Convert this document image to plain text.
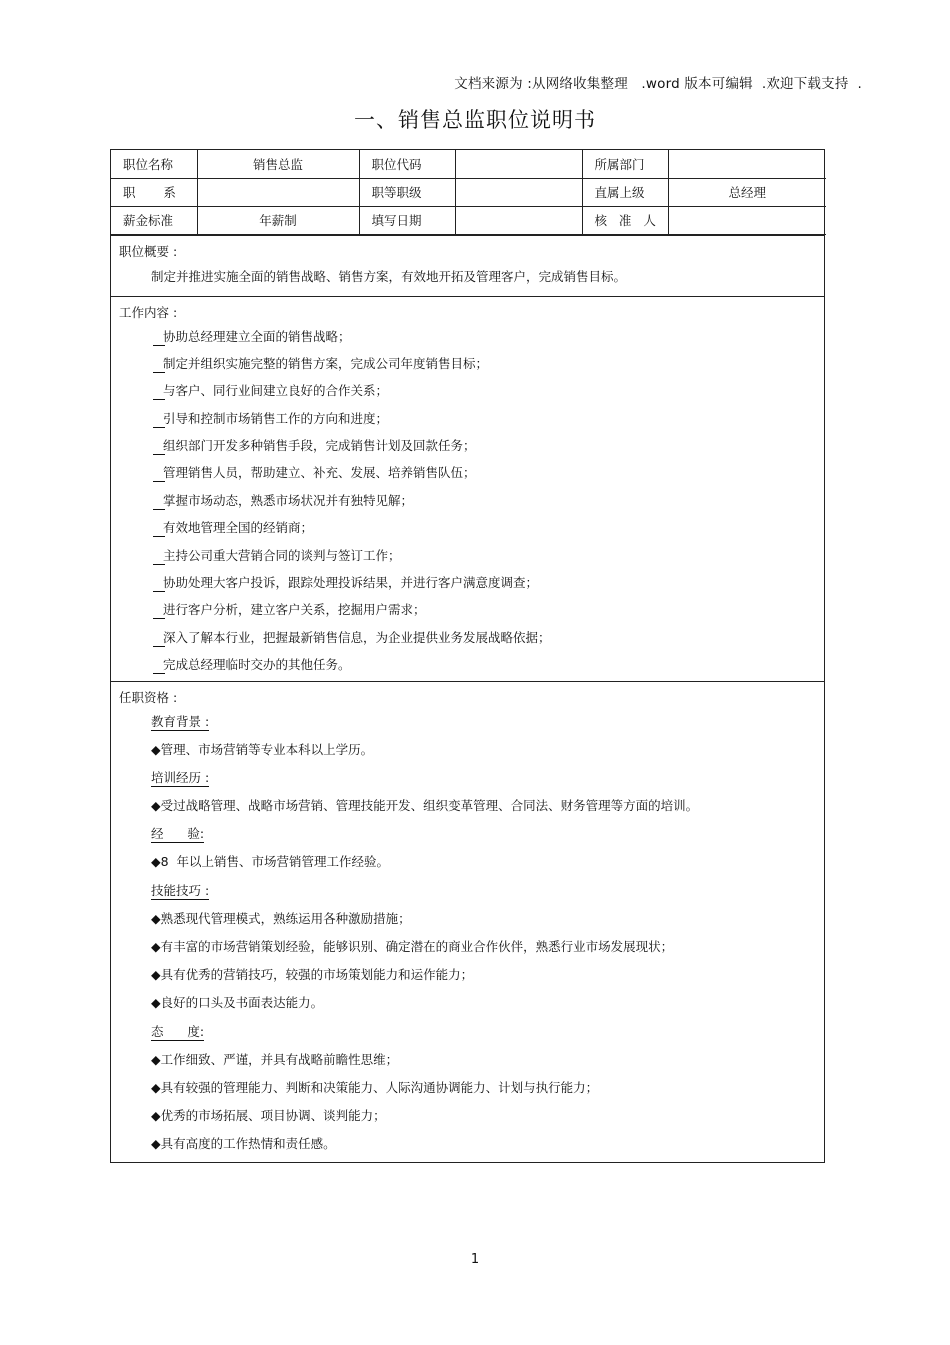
文档来源为 :从网络收集整理   .word 版本可编辑  .欢迎下载支持  .
一、销售总监职位说明书
职位名称	销售总监	职位代码		所属部门	
职       系		职等职级		直属上级	总经理
薪金标准	年薪制	填写日期		核   准   人	
职位概要 :
制定并推进实施全面的销售战略、销售方案，有效地开拓及管理客户，完成销售目标。
工作内容 :
协助总经理建立全面的销售战略；
制定并组织实施完整的销售方案，完成公司年度销售目标；
与客户、同行业间建立良好的合作关系；
引导和控制市场销售工作的方向和进度；
组织部门开发多种销售手段，完成销售计划及回款任务；
管理销售人员，帮助建立、补充、发展、培养销售队伍；
掌握市场动态，熟悉市场状况并有独特见解；
有效地管理全国的经销商；
主持公司重大营销合同的谈判与签订工作；
协助处理大客户投诉，跟踪处理投诉结果，并进行客户满意度调查；
进行客户分析，建立客户关系，挖掘用户需求；
深入了解本行业，把握最新销售信息，为企业提供业务发展战略依据；
完成总经理临时交办的其他任务。
任职资格 :
教育背景 :
◆管理、市场营销等专业本科以上学历。
培训经历 :
◆受过战略管理、战略市场营销、管理技能开发、组织变革管理、合同法、财务管理等方面的培训。
经      验:
◆8  年以上销售、市场营销管理工作经验。
技能技巧 :
◆熟悉现代管理模式，熟练运用各种激励措施；
◆有丰富的市场营销策划经验，能够识别、确定潜在的商业合作伙伴，熟悉行业市场发展现状；
◆具有优秀的营销技巧，较强的市场策划能力和运作能力；
◆良好的口头及书面表达能力。
态      度:
◆工作细致、严谨，并具有战略前瞻性思维；
◆具有较强的管理能力、判断和决策能力、人际沟通协调能力、计划与执行能力；
◆优秀的市场拓展、项目协调、谈判能力；
◆具有高度的工作热情和责任感。
1
